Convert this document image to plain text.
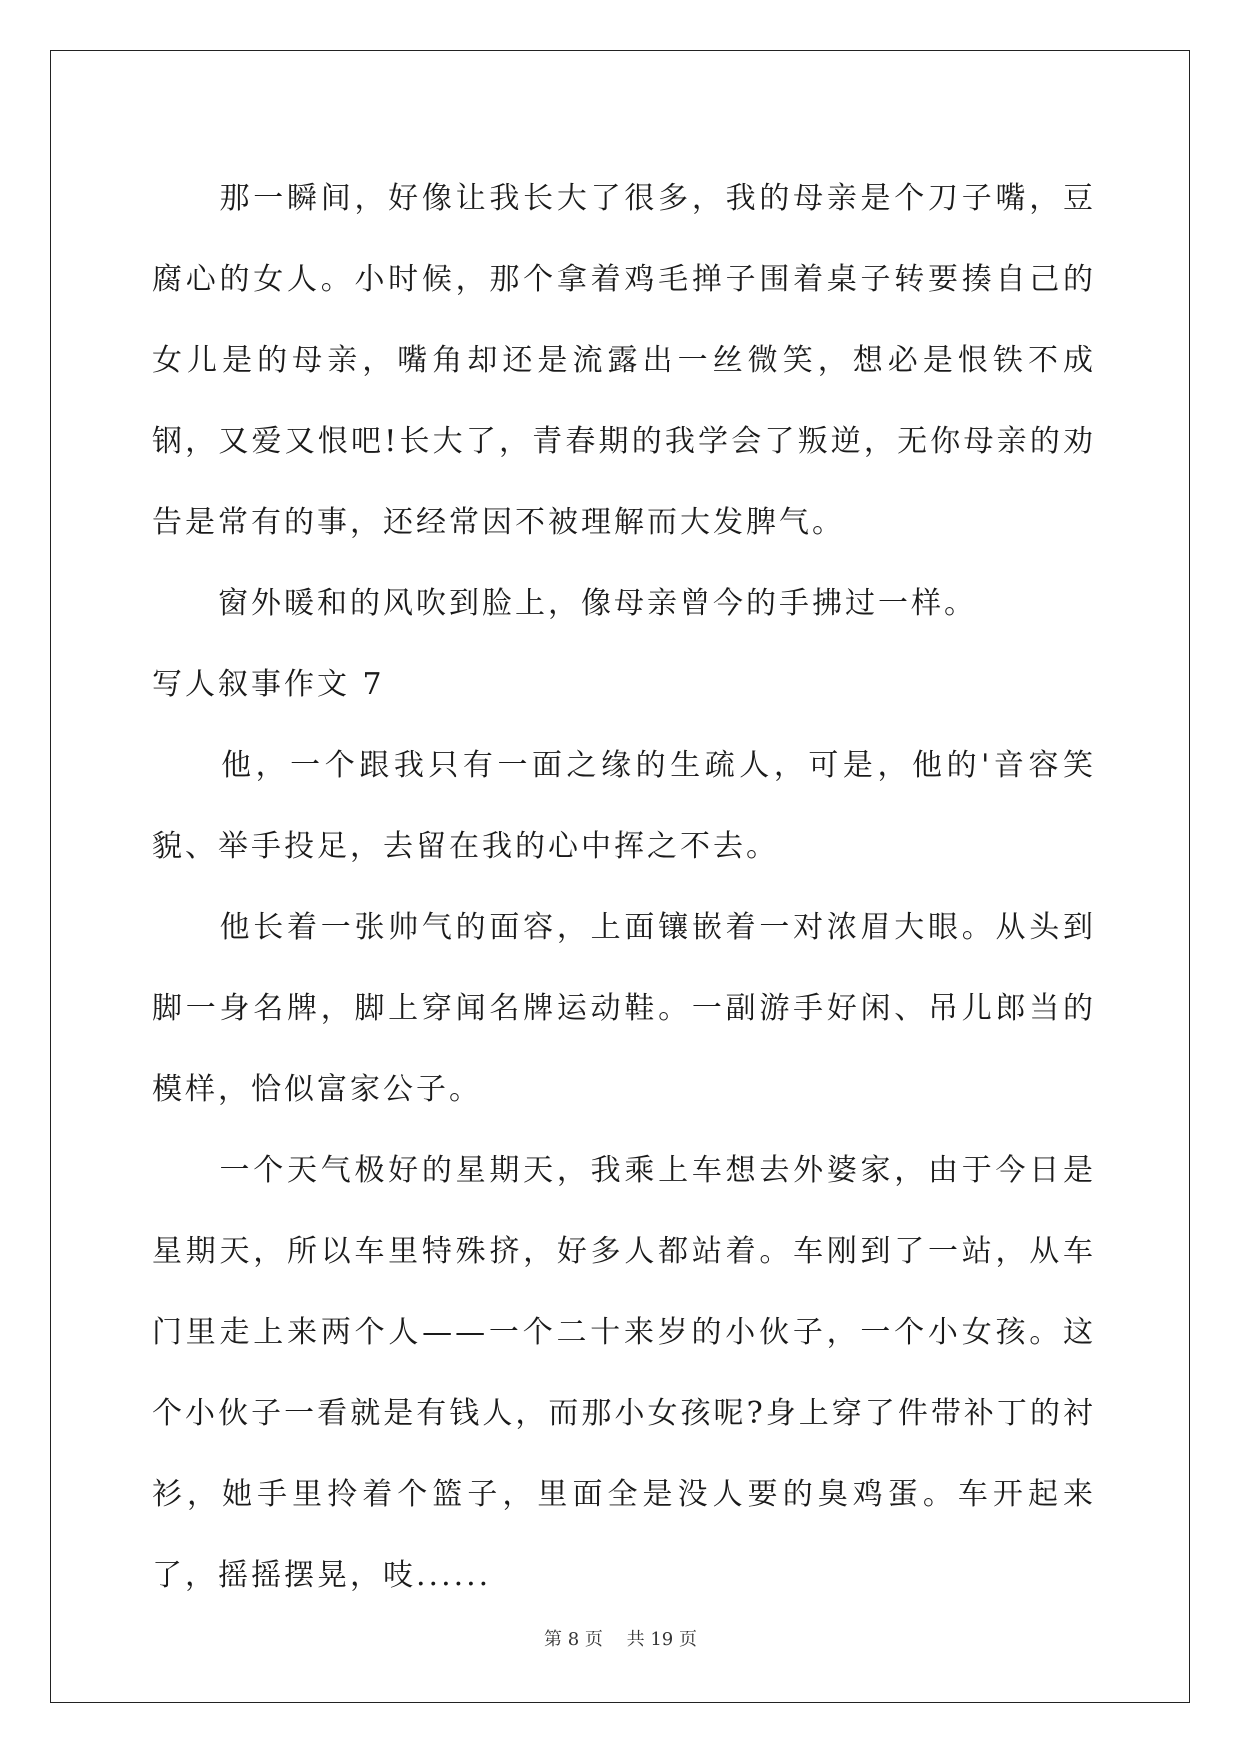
　　那一瞬间，好像让我长大了很多，我的母亲是个刀子嘴，豆腐心的女人。小时候，那个拿着鸡毛掸子围着桌子转要揍自己的女儿是的母亲，嘴角却还是流露出一丝微笑，想必是恨铁不成钢，又爱又恨吧!长大了，青春期的我学会了叛逆，无你母亲的劝告是常有的事，还经常因不被理解而大发脾气。

　　窗外暖和的风吹到脸上，像母亲曾今的手拂过一样。

写人叙事作文 7

　　他，一个跟我只有一面之缘的生疏人，可是，他的'音容笑貌、举手投足，去留在我的心中挥之不去。

　　他长着一张帅气的面容，上面镶嵌着一对浓眉大眼。从头到脚一身名牌，脚上穿闻名牌运动鞋。一副游手好闲、吊儿郎当的模样，恰似富家公子。

　　一个天气极好的星期天，我乘上车想去外婆家，由于今日是星期天，所以车里特殊挤，好多人都站着。车刚到了一站，从车门里走上来两个人——一个二十来岁的小伙子，一个小女孩。这个小伙子一看就是有钱人，而那小女孩呢?身上穿了件带补丁的衬衫，她手里拎着个篮子，里面全是没人要的臭鸡蛋。车开起来了，摇摇摆晃，吱......

第 8 页　 共 19 页
